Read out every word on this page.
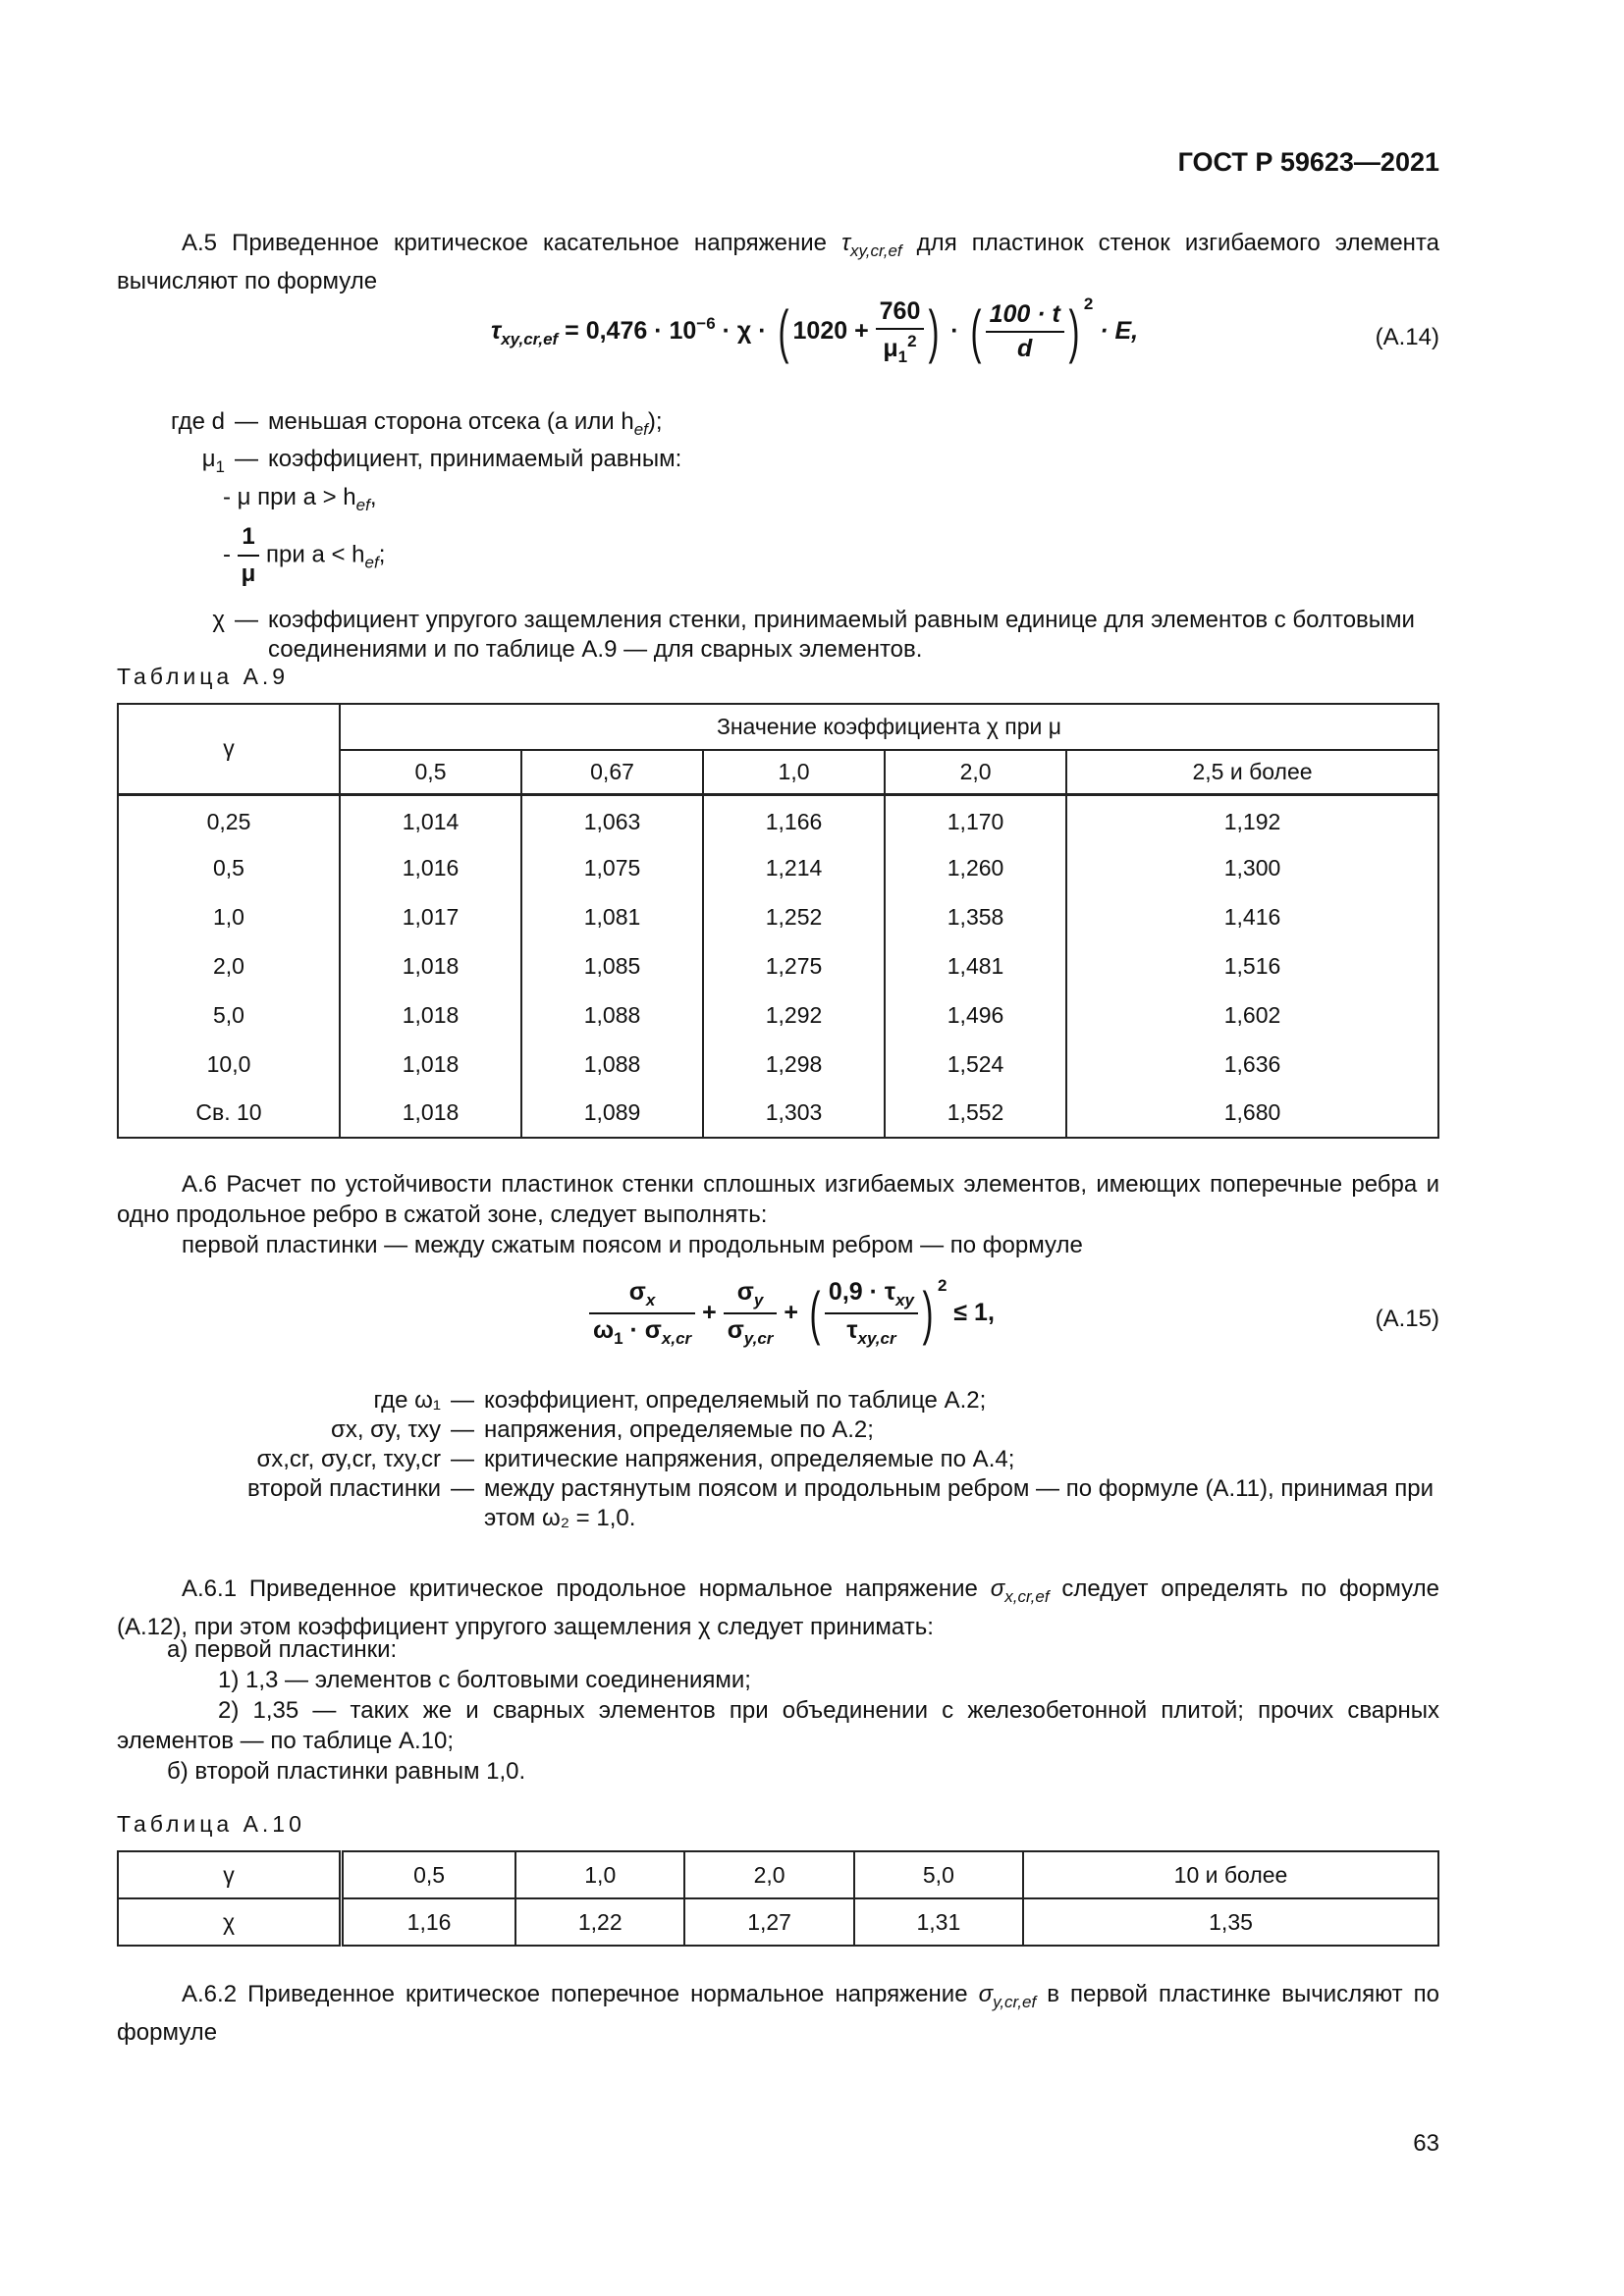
ГОСТ Р 59623—2021
А.5 Приведенное критическое касательное напряжение $\tau_{xy,cr,ef}$ для пластинок стенок изгибаемого элемента вычисляют по формуле
$\tau_{xy,cr,ef} = 0,476 \cdot 10^{-6} \cdot \chi$ · ( $1020 + \frac{760}{\mu_1^2}$ ) · ( $\frac{100 \cdot t}{d}$ ) $^2$ · E,	(А.14)
где d — меньшая сторона отсека (a или $h_{ef}$);
$\mu_1$ — коэффициент, принимаемый равным:
- μ при $a > h_{ef}$,
- $\frac{1}{\mu}$ при $a < h_{ef}$;
χ — коэффициент упругого защемления стенки, принимаемый равным единице для элементов с болтовыми соединениями и по таблице А.9 — для сварных элементов.
Таблица А.9
γ	Значение коэффициента χ при μ				
	0,5	0,67	1,0	2,0	2,5 и более
0,25	1,014	1,063	1,166	1,170	1,192
0,5	1,016	1,075	1,214	1,260	1,300
1,0	1,017	1,081	1,252	1,358	1,416
2,0	1,018	1,085	1,275	1,481	1,516
5,0	1,018	1,088	1,292	1,496	1,602
10,0	1,018	1,088	1,298	1,524	1,636
Св. 10	1,018	1,089	1,303	1,552	1,680
А.6 Расчет по устойчивости пластинок стенки сплошных изгибаемых элементов, имеющих поперечные ребра и одно продольное ребро в сжатой зоне, следует выполнять:
первой пластинки — между сжатым поясом и продольным ребром — по формуле
$\frac{\sigma_x}{\omega_1 \cdot \sigma_{x,cr}} + \frac{\sigma_y}{\sigma_{y,cr}}$ + ( $\frac{0,9 \cdot \tau_{xy}}{\tau_{xy,cr}}$ ) $^2$ ≤ 1,	(А.15)
где ω₁ — коэффициент, определяемый по таблице А.2;
σx, σy, τxy — напряжения, определяемые по А.2;
σx,cr, σy,cr, τxy,cr — критические напряжения, определяемые по А.4;
второй пластинки — между растянутым поясом и продольным ребром — по формуле (А.11), принимая при этом ω₂ = 1,0.
А.6.1 Приведенное критическое продольное нормальное напряжение $\sigma_{x,cr,ef}$ следует определять по формуле (А.12), при этом коэффициент упругого защемления χ следует принимать:
а) первой пластинки:
1) 1,3 — элементов с болтовыми соединениями;
2) 1,35 — таких же и сварных элементов при объединении с железобетонной плитой; прочих сварных элементов — по таблице А.10;
б) второй пластинки равным 1,0.
Таблица А.10
γ	0,5	1,0	2,0	5,0	10 и более
χ	1,16	1,22	1,27	1,31	1,35
А.6.2 Приведенное критическое поперечное нормальное напряжение $\sigma_{y,cr,ef}$ в первой пластинке вычисляют по формуле
63
